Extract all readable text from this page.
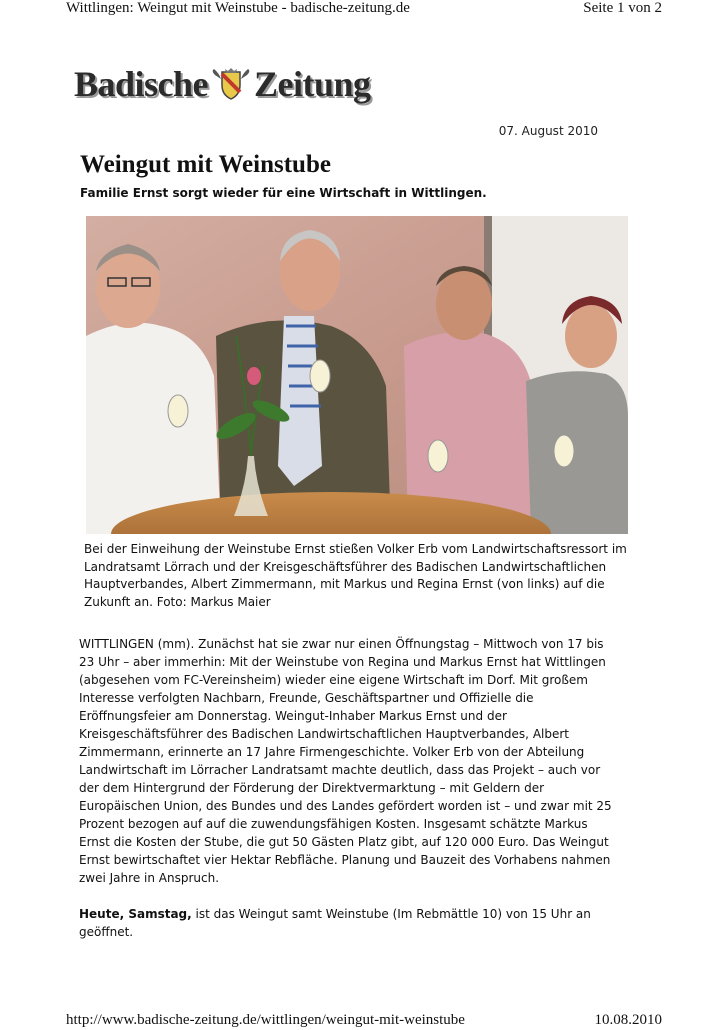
Wittlingen: Weingut mit Weinstube - badische-zeitung.de	Seite 1 von 2
Badische Zeitung
07. August 2010
Weingut mit Weinstube
Familie Ernst sorgt wieder für eine Wirtschaft in Wittlingen.
Bei der Einweihung der Weinstube Ernst stießen Volker Erb vom Landwirtschaftsressort im Landratsamt Lörrach und der Kreisgeschäftsführer des Badischen Landwirtschaftlichen Hauptverbandes, Albert Zimmermann, mit Markus und Regina Ernst (von links) auf die Zukunft an. Foto: Markus Maier

WITTLINGEN (mm). Zunächst hat sie zwar nur einen Öffnungstag – Mittwoch von 17 bis 23 Uhr – aber immerhin: Mit der Weinstube von Regina und Markus Ernst hat Wittlingen (abgesehen vom FC-Vereinsheim) wieder eine eigene Wirtschaft im Dorf. Mit großem Interesse verfolgten Nachbarn, Freunde, Geschäftspartner und Offizielle die Eröffnungsfeier am Donnerstag. Weingut-Inhaber Markus Ernst und der Kreisgeschäftsführer des Badischen Landwirtschaftlichen Hauptverbandes, Albert Zimmermann, erinnerte an 17 Jahre Firmengeschichte. Volker Erb von der Abteilung Landwirtschaft im Lörracher Landratsamt machte deutlich, dass das Projekt – auch vor der dem Hintergrund der Förderung der Direktvermarktung – mit Geldern der Europäischen Union, des Bundes und des Landes gefördert worden ist – und zwar mit 25 Prozent bezogen auf auf die zuwendungsfähigen Kosten. Insgesamt schätzte Markus Ernst die Kosten der Stube, die gut 50 Gästen Platz gibt, auf 120 000 Euro. Das Weingut Ernst bewirtschaftet vier Hektar Rebfläche. Planung und Bauzeit des Vorhabens nahmen zwei Jahre in Anspruch.

Heute, Samstag, ist das Weingut samt Weinstube (Im Rebmättle 10) von 15 Uhr an geöffnet.

http://www.badische-zeitung.de/wittlingen/weingut-mit-weinstube	10.08.2010
